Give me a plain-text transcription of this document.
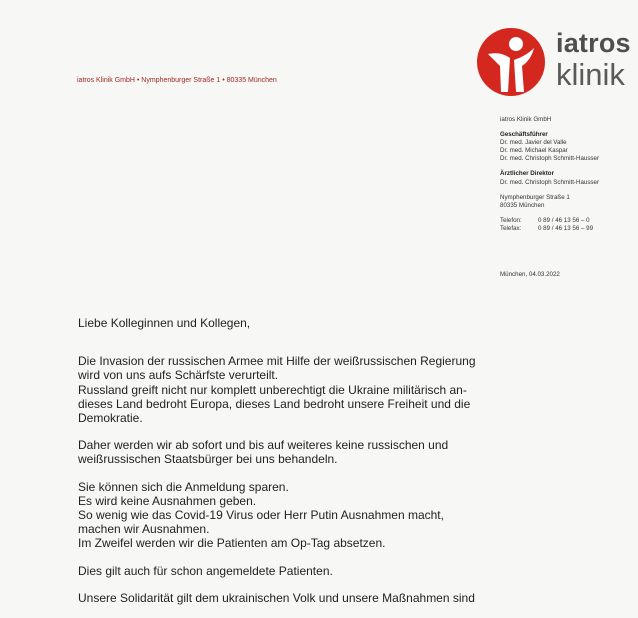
iatros
klinik
iatros Klinik GmbH • Nymphenburger Straße 1 • 80335 München
iatros Klinik GmbH
Geschäftsführer
Dr. med. Javier del Valle
Dr. med. Michael Kaspar
Dr. med. Christoph Schmitt-Hausser
Ärztlicher Direktor
Dr. med. Christoph Schmitt-Hausser
Nymphenburger Straße 1
80335 München
Telefon:	0 89 / 46 13 56 – 0
Telefax:	0 89 / 46 13 56 – 99
München, 04.03.2022

Liebe Kolleginnen und Kollegen,

Die Invasion der russischen Armee mit Hilfe der weißrussischen Regierung
wird von uns aufs Schärfste verurteilt.
Russland greift nicht nur komplett unberechtigt die Ukraine militärisch an-
dieses Land bedroht Europa, dieses Land bedroht unsere Freiheit und die
Demokratie.

Daher werden wir ab sofort und bis auf weiteres keine russischen und
weißrussischen Staatsbürger bei uns behandeln.

Sie können sich die Anmeldung sparen.
Es wird keine Ausnahmen geben.
So wenig wie das Covid-19 Virus oder Herr Putin Ausnahmen macht,
machen wir Ausnahmen.
Im Zweifel werden wir die Patienten am Op-Tag absetzen.

Dies gilt auch für schon angemeldete Patienten.

Unsere Solidarität gilt dem ukrainischen Volk und unsere Maßnahmen sind
